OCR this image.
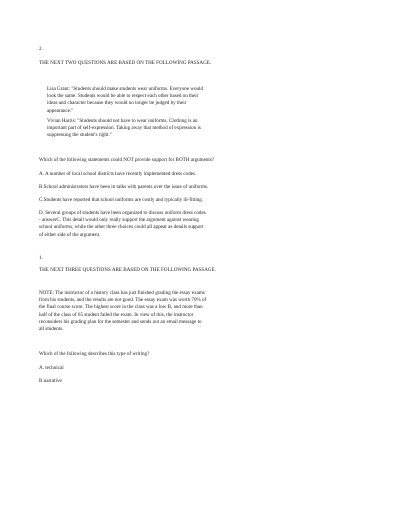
2.

THE NEXT TWO QUESTIONS ARE BASED ON THE FOLLOWING PASSAGE.

Lisa Grant: "Students should make students wear uniforms. Everyone would
look the same. Students would be able to respect each other based on their
ideas and character because they would no longer be judged by their
appearance."

Vivian Harris: "Students should not have to wear uniforms. Clothing is an
important part of self-expression. Taking away that method of expression is
suppressing the student's right."

Which of the following statements could NOT provide support for BOTH arguments?

A. A number of local school districts have recently implemented dress codes.

B.School administrators have been in talks with parents over the issue of uniforms.

C.Students have reported that school uniforms are costly and typically ill-fitting.

D. Several groups of students have been organized to discuss uniform dress codes
- answerC. This detail would only really support the argument against wearing
school uniforms, while the other three choices could all appear as details support
of either side of the argument.

1.

THE NEXT THREE QUESTIONS ARE BASED ON THE FOLLOWING PASSAGE.

NOTE: The instructor of a history class has just finished grading the essay exams
from his students, and the results are not good. The essay exam was worth 70% of
the final course score. The highest score in the class was a low B, and more than
half of the class of 65 student failed the exam. In view of this, the instructor
reconsiders his grading plan for the semester and sends out an email message to
all students.

Which of the following describes this type of writing?

A. technical

B.narrative
